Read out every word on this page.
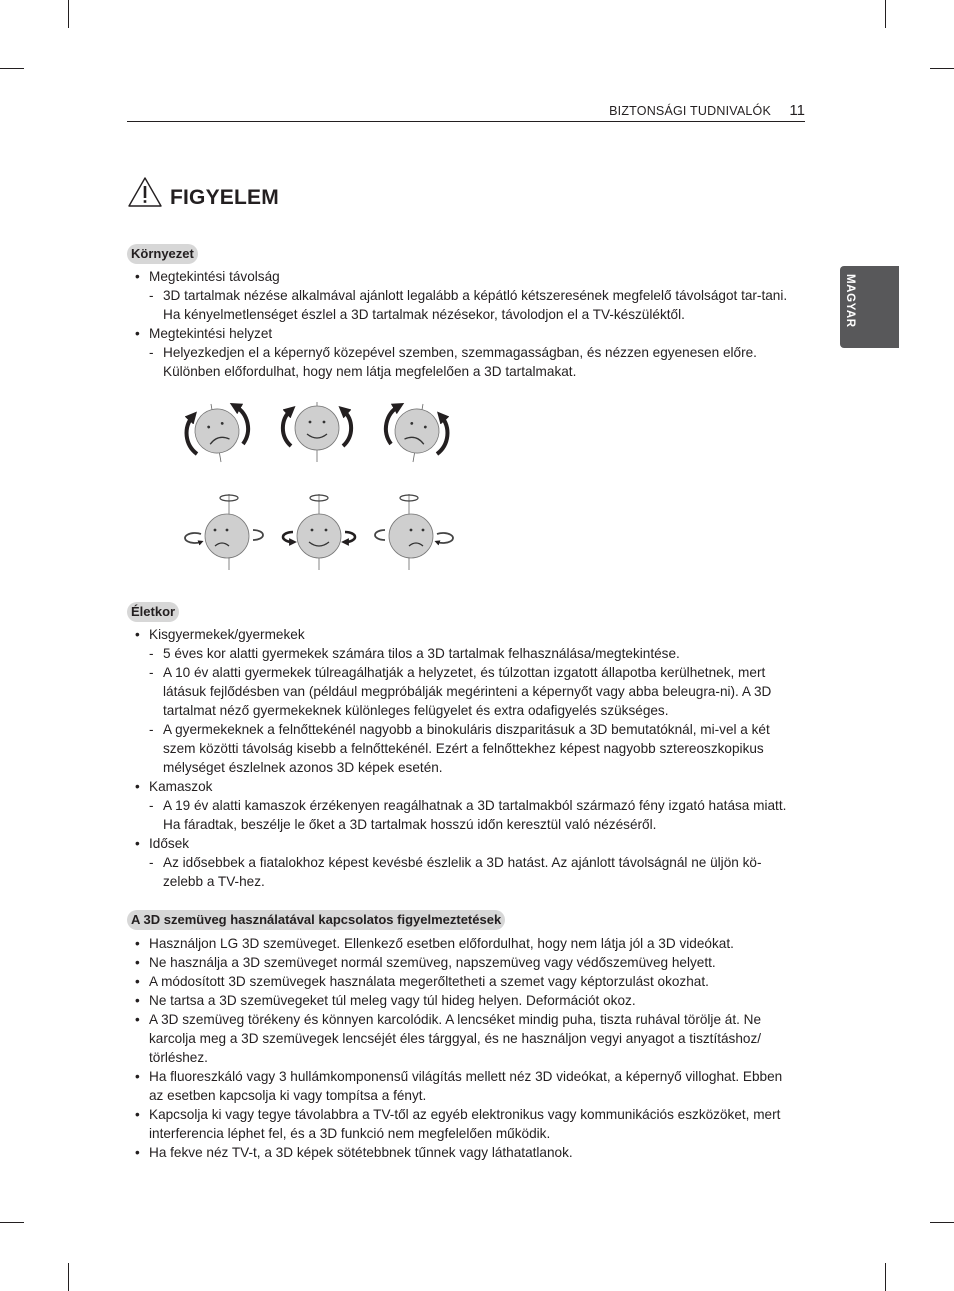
BIZTONSÁGI TUDNIVALÓK 11
MAGYAR
FIGYELEM
Környezet
• Megtekintési távolság
- 3D tartalmak nézése alkalmával ajánlott legalább a képátló kétszeresének megfelelő távolságot tar-tani. Ha kényelmetlenséget észlel a 3D tartalmak nézésekor, távolodjon el a TV-készüléktől.
• Megtekintési helyzet
- Helyezkedjen el a képernyő közepével szemben, szemmagasságban, és nézzen egyenesen előre. Különben előfordulhat, hogy nem látja megfelelően a 3D tartalmakat.
Életkor
• Kisgyermekek/gyermekek
- 5 éves kor alatti gyermekek számára tilos a 3D tartalmak felhasználása/megtekintése.
- A 10 év alatti gyermekek túlreagálhatják a helyzetet, és túlzottan izgatott állapotba kerülhetnek, mert látásuk fejlődésben van (például megpróbálják megérinteni a képernyőt vagy abba beleugra-ni). A 3D tartalmat néző gyermekeknek különleges felügyelet és extra odafigyelés szükséges.
- A gyermekeknek a felnőttekénél nagyobb a binokuláris diszparitásuk a 3D bemutatóknál, mi-vel a két szem közötti távolság kisebb a felnőttekénél. Ezért a felnőttekhez képest nagyobb sztereoszkopikus mélységet észlelnek azonos 3D képek esetén.
• Kamaszok
- A 19 év alatti kamaszok érzékenyen reagálhatnak a 3D tartalmakból származó fény izgató hatása miatt. Ha fáradtak, beszélje le őket a 3D tartalmak hosszú időn keresztül való nézéséről.
• Idősek
- Az idősebbek a fiatalokhoz képest kevésbé észlelik a 3D hatást. Az ajánlott távolságnál ne üljön kö-zelebb a TV-hez.
A 3D szemüveg használatával kapcsolatos figyelmeztetések
• Használjon LG 3D szemüveget. Ellenkező esetben előfordulhat, hogy nem látja jól a 3D videókat.
• Ne használja a 3D szemüveget normál szemüveg, napszemüveg vagy védőszemüveg helyett.
• A módosított 3D szemüvegek használata megerőltetheti a szemet vagy képtorzulást okozhat.
• Ne tartsa a 3D szemüvegeket túl meleg vagy túl hideg helyen. Deformációt okoz.
• A 3D szemüveg törékeny és könnyen karcolódik. A lencséket mindig puha, tiszta ruhával törölje át. Ne karcolja meg a 3D szemüvegek lencséjét éles tárggyal, és ne használjon vegyi anyagot a tisztításhoz/ törléshez.
• Ha fluoreszkáló vagy 3 hullámkomponensű világítás mellett néz 3D videókat, a képernyő villoghat. Ebben az esetben kapcsolja ki vagy tompítsa a fényt.
• Kapcsolja ki vagy tegye távolabbra a TV-től az egyéb elektronikus vagy kommunikációs eszközöket, mert interferencia léphet fel, és a 3D funkció nem megfelelően működik.
• Ha fekve néz TV-t, a 3D képek sötétebbnek tűnnek vagy láthatatlanok.
